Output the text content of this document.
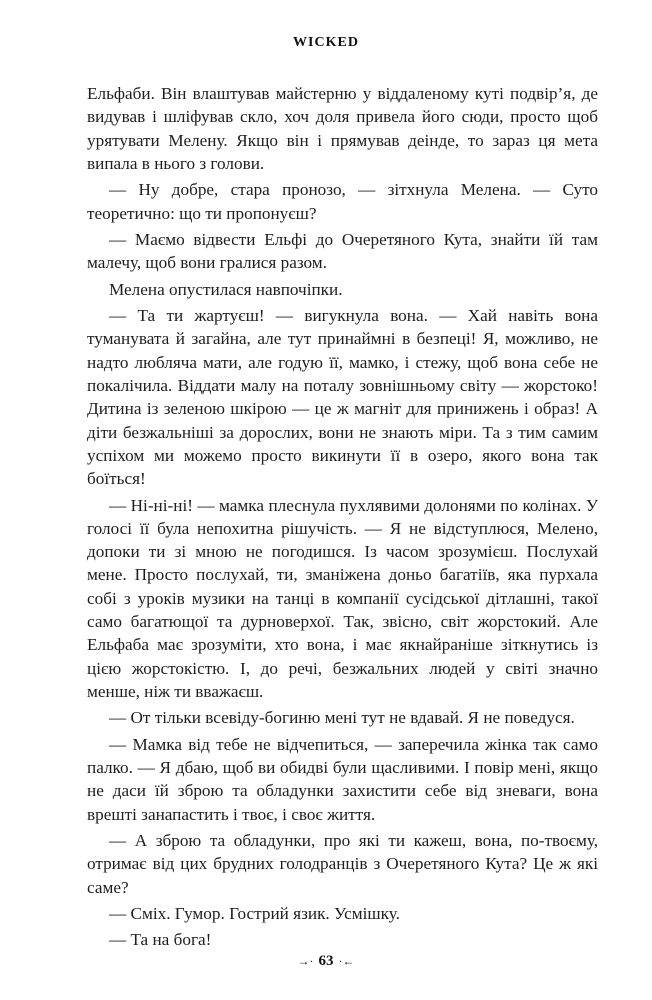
WICKED

Ельфаби. Він влаштував майстерню у віддаленому куті подвір’я, де видував і шліфував скло, хоч доля привела його сюди, просто щоб урятувати Мелену. Якщо він і прямував деінде, то зараз ця мета випала в нього з голови.

— Ну добре, стара пронозо, — зітхнула Мелена. — Суто теоретично: що ти пропонуєш?

— Маємо відвести Ельфі до Очеретяного Кута, знайти їй там малечу, щоб вони гралися разом.

Мелена опустилася навпочіпки.

— Та ти жартуєш! — вигукнула вона. — Хай навіть вона туманувата й загайна, але тут принаймні в безпеці! Я, можливо, не надто любляча мати, але годую її, мамко, і стежу, щоб вона себе не покалічила. Віддати малу на поталу зовнішньому світу — жорстоко! Дитина із зеленою шкірою — це ж магніт для принижень і образ! А діти безжальніші за дорослих, вони не знають міри. Та з тим самим успіхом ми можемо просто викинути її в озеро, якого вона так боїться!

— Ні-ні-ні! — мамка плеснула пухлявими долонями по колінах. У голосі її була непохитна рішучість. — Я не відступлюся, Мелено, допоки ти зі мною не погодишся. Із часом зрозумієш. Послухай мене. Просто послухай, ти, зманіжена доньо багатіїв, яка пурхала собі з уроків музики на танці в компанії сусідської дітлашні, такої само багатющої та дурноверхої. Так, звісно, світ жорстокий. Але Ельфаба має зрозуміти, хто вона, і має якнайраніше зіткнутись із цією жорстокістю. І, до речі, безжальних людей у світі значно менше, ніж ти вважаєш.

— От тільки всевіду-богиню мені тут не вдавай. Я не поведуся.

— Мамка від тебе не відчепиться, — заперечила жінка так само палко. — Я дбаю, щоб ви обидві були щасливими. І повір мені, якщо не даси їй зброю та обладунки захистити себе від зневаги, вона врешті занапастить і твоє, і своє життя.

— А зброю та обладунки, про які ти кажеш, вона, по-твоєму, отримає від цих брудних голодранців з Очеретяного Кута? Це ж які саме?

— Сміх. Гумор. Гострий язик. Усмішку.

— Та на бога!

→· 63 ·←
